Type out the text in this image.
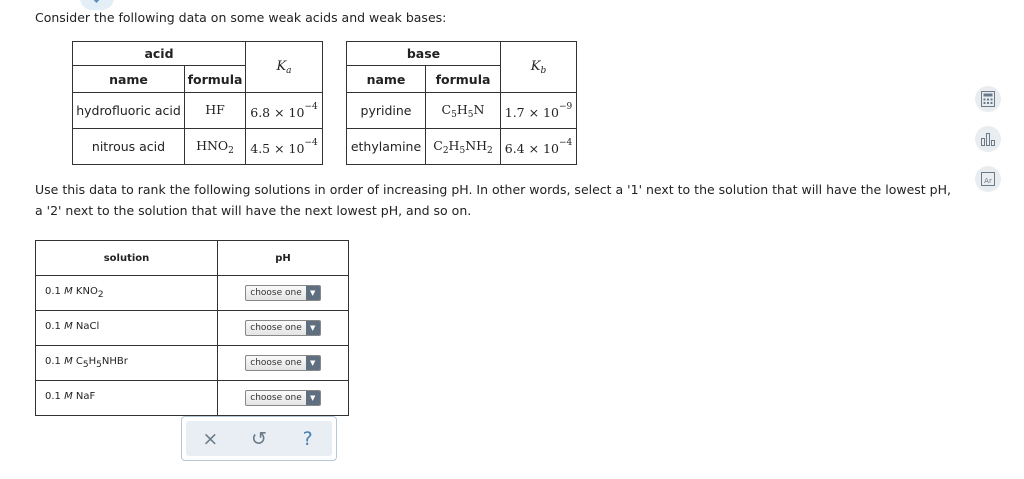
Consider the following data on some weak acids and weak bases:
acid		$K_a$
name	formula	
hydrofluoric acid	HF	$6.8 \times 10^{-4}$
nitrous acid	$HNO_2$	$4.5 \times 10^{-4}$
base		$K_b$
name	formula	
pyridine	$C_5H_5N$	$1.7 \times 10^{-9}$
ethylamine	$C_2H_5NH_2$	$6.4 \times 10^{-4}$
Use this data to rank the following solutions in order of increasing pH. In other words, select a '1' next to the solution that will have the lowest pH, a '2' next to the solution that will have the next lowest pH, and so on.
solution	pH
0.1 M $KNO_2$	choose one ▼

0.1 M NaCl	choose one ▼

0.1 M $C_5H_5NHBr$	choose one ▼

0.1 M NaF	choose one ▼
×	↺	?
Ar
